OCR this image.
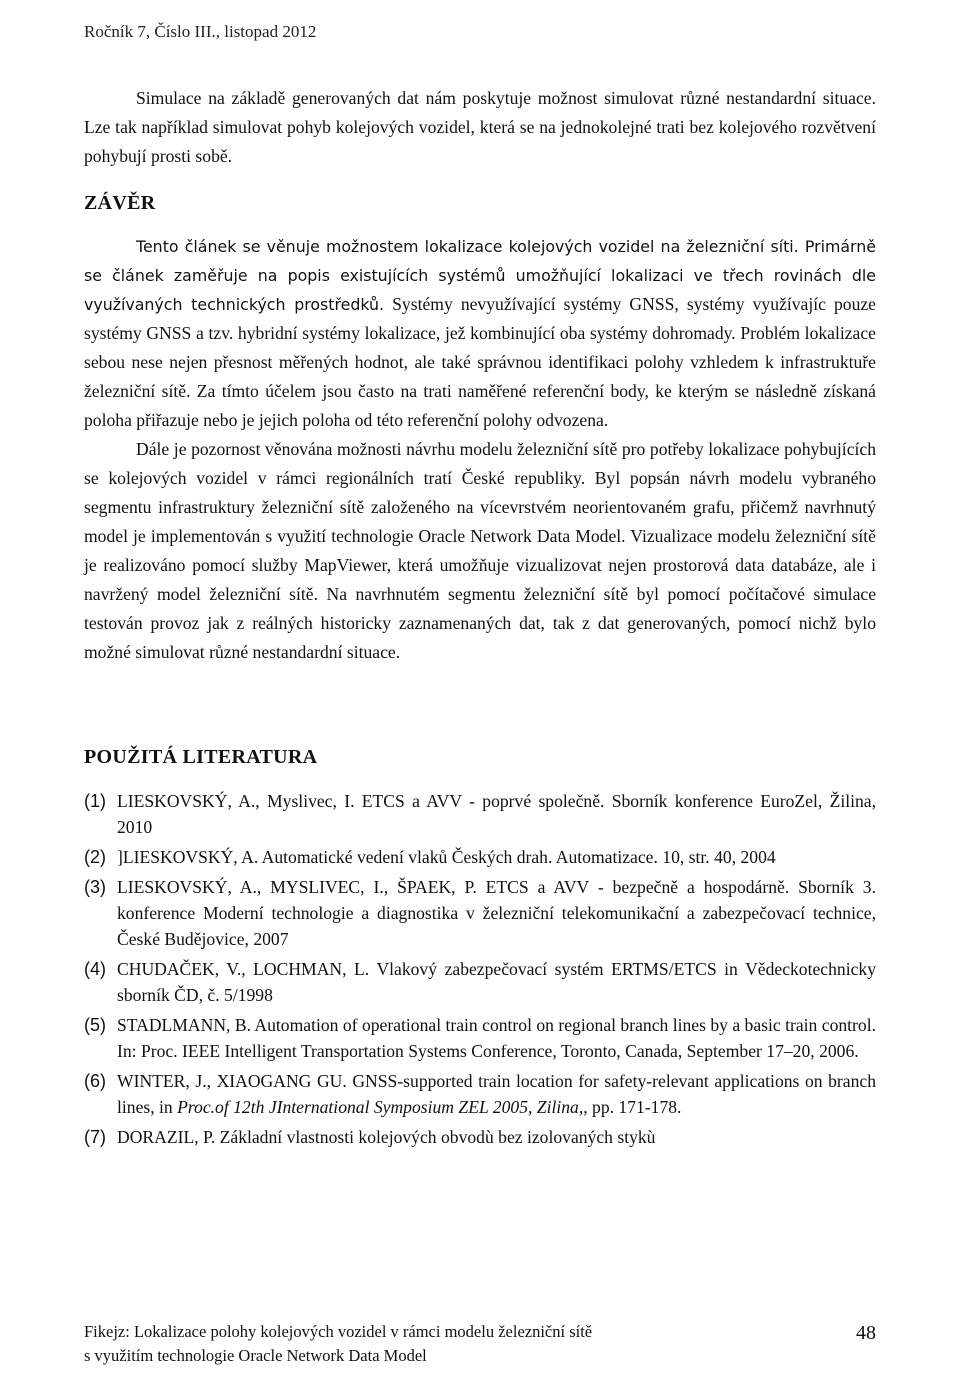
Ročník 7, Číslo III., listopad 2012

Simulace na základě generovaných dat nám poskytuje možnost simulovat různé nestandardní situace. Lze tak například simulovat pohyb kolejových vozidel, která se na jednokolejné trati bez kolejového rozvětvení pohybují prosti sobě.

ZÁVĚR

Tento článek se věnuje možnostem lokalizace kolejových vozidel na železniční síti. Primárně se článek zaměřuje na popis existujících systémů umožňující lokalizaci ve třech rovinách dle využívaných technických prostředků. Systémy nevyužívající systémy GNSS, systémy využívajíc pouze systémy GNSS a tzv. hybridní systémy lokalizace, jež kombinující oba systémy dohromady. Problém lokalizace sebou nese nejen přesnost měřených hodnot, ale také správnou identifikaci polohy vzhledem k infrastruktuře železniční sítě. Za tímto účelem jsou často na trati naměřené referenční body, ke kterým se následně získaná poloha přiřazuje nebo je jejich poloha od této referenční polohy odvozena.

Dále je pozornost věnována možnosti návrhu modelu železniční sítě pro potřeby lokalizace pohybujících se kolejových vozidel v rámci regionálních tratí České republiky. Byl popsán návrh modelu vybraného segmentu infrastruktury železniční sítě založeného na vícevrstvém neorientovaném grafu, přičemž navrhnutý model je implementován s využití technologie Oracle Network Data Model. Vizualizace modelu železniční sítě je realizováno pomocí služby MapViewer, která umožňuje vizualizovat nejen prostorová data databáze, ale i navržený model železniční sítě. Na navrhnutém segmentu železniční sítě byl pomocí počítačové simulace testován provoz jak z reálných historicky zaznamenaných dat, tak z dat generovaných, pomocí nichž bylo možné simulovat různé nestandardní situace.

POUŽITÁ LITERATURA
(1) LIESKOVSKÝ, A., Myslivec, I. ETCS a AVV - poprvé společně. Sborník konference EuroZel, Žilina, 2010
(2) ]LIESKOVSKÝ, A. Automatické vedení vlaků Českých drah. Automatizace. 10, str. 40, 2004
(3) LIESKOVSKÝ, A., MYSLIVEC, I., ŠPAEK, P. ETCS a AVV - bezpečně a hospodárně. Sborník 3. konference Moderní technologie a diagnostika v železniční telekomunikační a zabezpečovací technice, České Budějovice, 2007
(4) CHUDAČEK, V., LOCHMAN, L. Vlakový zabezpečovací systém ERTMS/ETCS in Vědeckotechnicky sborník ČD, č. 5/1998
(5) STADLMANN, B. Automation of operational train control on regional branch lines by a basic train control. In: Proc. IEEE Intelligent Transportation Systems Conference, Toronto, Canada, September 17–20, 2006.
(6) WINTER, J., XIAOGANG GU. GNSS-supported train location for safety-relevant applications on branch lines, in Proc.of 12th JInternational Symposium ZEL 2005, Zilina,, pp. 171-178.
(7) DORAZIL, P. Základní vlastnosti kolejových obvodù bez izolovaných stykù
Fikejz: Lokalizace polohy kolejových vozidel v rámci modelu železniční sítě
s využitím technologie Oracle Network Data Model
48
